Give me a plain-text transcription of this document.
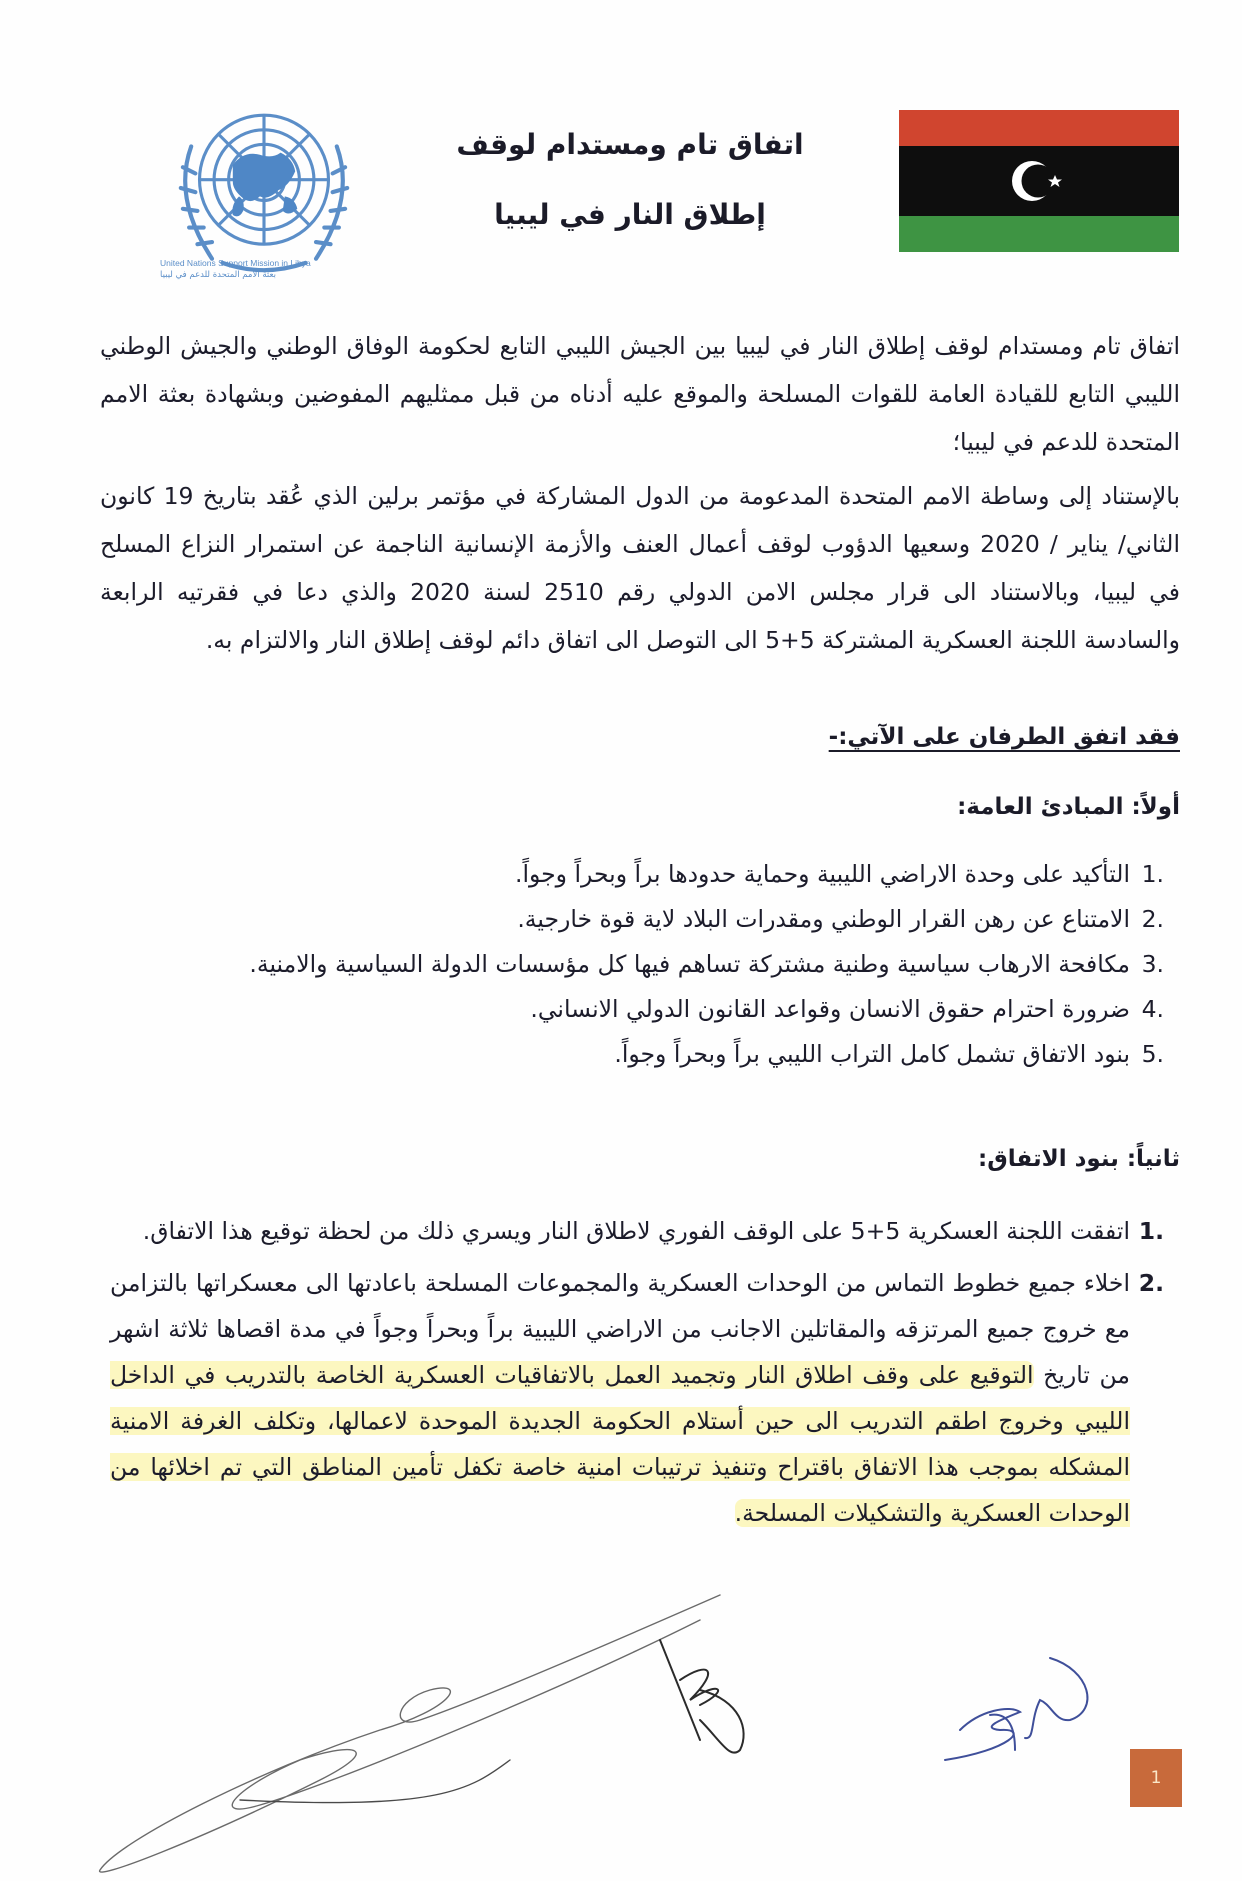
United Nations Support Mission in Libya
بعثة الامم المتحدة للدعم في ليبيا
اتفاق تام ومستدام لوقف
إطلاق النار في ليبيا

اتفاق تام ومستدام لوقف إطلاق النار في ليبيا بين الجيش الليبي التابع لحكومة الوفاق الوطني والجيش الوطني الليبي التابع للقيادة العامة للقوات المسلحة والموقع عليه أدناه من قبل ممثليهم المفوضين وبشهادة بعثة الامم المتحدة للدعم في ليبيا؛

بالإستناد إلى وساطة الامم المتحدة المدعومة من الدول المشاركة في مؤتمر برلين الذي عُقد بتاريخ 19 كانون الثاني/ يناير / 2020 وسعيها الدؤوب لوقف أعمال العنف والأزمة الإنسانية الناجمة عن استمرار النزاع المسلح في ليبيا، وبالاستناد الى قرار مجلس الامن الدولي رقم 2510 لسنة 2020 والذي دعا في فقرتيه الرابعة والسادسة اللجنة العسكرية المشتركة 5+5 الى التوصل الى اتفاق دائم لوقف إطلاق النار والالتزام به.

فقد اتفق الطرفان على الآتي:-
أولاً: المبادئ العامة:
1.
التأكيد على وحدة الاراضي الليبية وحماية حدودها براً وبحراً وجواً.
2.
الامتناع عن رهن القرار الوطني ومقدرات البلاد لاية قوة خارجية.
3.
مكافحة الارهاب سياسية وطنية مشتركة تساهم فيها كل مؤسسات الدولة السياسية والامنية.
4.
ضرورة احترام حقوق الانسان وقواعد القانون الدولي الانساني.
5.
بنود الاتفاق تشمل كامل التراب الليبي براً وبحراً وجواً.
ثانياً: بنود الاتفاق:
1.
اتفقت اللجنة العسكرية 5+5 على الوقف الفوري لاطلاق النار ويسري ذلك من لحظة توقيع هذا الاتفاق.
2.
اخلاء جميع خطوط التماس من الوحدات العسكرية والمجموعات المسلحة باعادتها الى معسكراتها بالتزامن مع خروج جميع المرتزقه والمقاتلين الاجانب من الاراضي الليبية براً وبحراً وجواً في مدة اقصاها ثلاثة اشهر من تاريخ التوقيع على وقف اطلاق النار وتجميد العمل بالاتفاقيات العسكرية الخاصة بالتدريب في الداخل الليبي وخروج اطقم التدريب الى حين أستلام الحكومة الجديدة الموحدة لاعمالها، وتكلف الغرفة الامنية المشكله بموجب هذا الاتفاق باقتراح وتنفيذ ترتيبات امنية خاصة تكفل تأمين المناطق التي تم اخلائها من الوحدات العسكرية والتشكيلات المسلحة.
1
